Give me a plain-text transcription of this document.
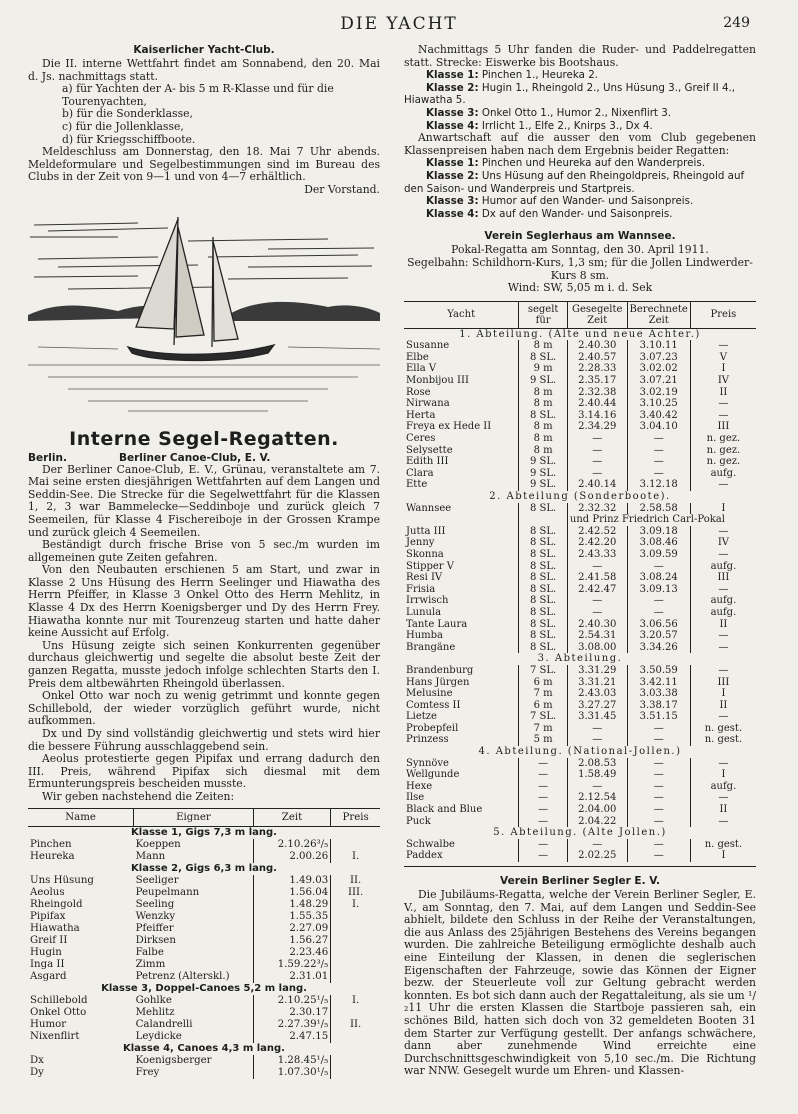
DIE YACHT	249
Kaiserlicher Yacht-Club.

Die II. interne Wettfahrt findet am Sonnabend, den 20. Mai d. Js. nachmittags statt.

a) für Yachten der A- bis 5 m R-Klasse und für die Tourenyachten,

b) für die Sonderklasse,

c) für die Jollenklasse,

d) für Kriegsschiffboote.

Meldeschluss am Donnerstag, den 18. Mai 7 Uhr abends. Meldeformulare und Segelbestimmungen sind im Bureau des Clubs in der Zeit von 9—1 und von 4—7 erhältlich.

Der Vorstand.

Interne Segel-Regatten.
Berlin.	Berliner Canoe-Club, E. V.

Der Berliner Canoe-Club, E. V., Grünau, veranstaltete am 7. Mai seine ersten diesjährigen Wettfahrten auf dem Langen und Seddin-See. Die Strecke für die Segelwettfahrt für die Klassen 1, 2, 3 war Bammelecke—Seddinboje und zurück gleich 7 Seemeilen, für Klasse 4 Fischereiboje in der Grossen Krampe und zurück gleich 4 Seemeilen.

Beständigt durch frische Brise von 5 sec./m wurden im allgemeinen gute Zeiten gefahren.

Von den Neubauten erschienen 5 am Start, und zwar in Klasse 2 Uns Hüsung des Herrn Seelinger und Hiawatha des Herrn Pfeiffer, in Klasse 3 Onkel Otto des Herrn Mehlitz, in Klasse 4 Dx des Herrn Koenigsberger und Dy des Herrn Frey. Hiawatha konnte nur mit Tourenzeug starten und hatte daher keine Aussicht auf Erfolg.

Uns Hüsung zeigte sich seinen Konkurrenten gegenüber durchaus gleichwertig und segelte die absolut beste Zeit der ganzen Regatta, musste jedoch infolge schlechten Starts den I. Preis dem altbewährten Rheingold überlassen.

Onkel Otto war noch zu wenig getrimmt und konnte gegen Schillebold, der wieder vorzüglich geführt wurde, nicht aufkommen.

Dx und Dy sind vollständig gleichwertig und stets wird hier die bessere Führung ausschlaggebend sein.

Aeolus protestierte gegen Pipifax und errang dadurch den III. Preis, während Pipifax sich diesmal mit dem Ermunterungspreis bescheiden musste.

Wir geben nachstehend die Zeiten:

Name	Eigner	Zeit	Preis
Klasse 1, Gigs 7,3 m lang.			
Pinchen	Koeppen	2.10.26³/₅	
Heureka	Mann	2.00.26	I.
Klasse 2, Gigs 6,3 m lang.			
Uns Hüsung	Seeliger	1.49.03	II.
Aeolus	Peupelmann	1.56.04	III.
Rheingold	Seeling	1.48.29	I.
Pipifax	Wenzky	1.55.35	
Hiawatha	Pfeiffer	2.27.09	
Greif II	Dirksen	1.56.27	
Hugin	Falbe	2.23.46	
Inga II	Zimm	1.59.22³/₅	
Asgard	Petrenz (Alterskl.)	2.31.01	
Klasse 3, Doppel-Canoes 5,2 m lang.			
Schillebold	Gohlke	2.10.25¹/₅	I.
Onkel Otto	Mehlitz	2.30.17	
Humor	Calandrelli	2.27.39¹/₅	II.
Nixenflirt	Leydicke	2.47.15	
Klasse 4, Canoes 4,3 m lang.			
Dx	Koenigsberger	1.28.45¹/₅	
Dy	Frey	1.07.30¹/₅	

Nachmittags 5 Uhr fanden die Ruder- und Paddelregatten statt. Strecke: Eiswerke bis Bootshaus.

Klasse 1: Pinchen 1., Heureka 2.

Klasse 2: Hugin 1., Rheingold 2., Uns Hüsung 3., Greif II 4., Hiawatha 5.

Klasse 3: Onkel Otto 1., Humor 2., Nixenflirt 3.

Klasse 4: Irrlicht 1., Elfe 2., Knirps 3., Dx 4.

Anwartschaft auf die ausser den vom Club gegebenen Klassenpreisen haben nach dem Ergebnis beider Regatten:

Klasse 1: Pinchen und Heureka auf den Wanderpreis.

Klasse 2: Uns Hüsung auf den Rheingoldpreis, Rheingold auf den Saison- und Wanderpreis und Startpreis.

Klasse 3: Humor auf den Wander- und Saisonpreis.

Klasse 4: Dx auf den Wander- und Saisonpreis.

Verein Seglerhaus am Wannsee.

Pokal-Regatta am Sonntag, den 30. April 1911.

Segelbahn: Schildhorn-Kurs, 1,3 sm; für die Jollen Lindwerder-Kurs 8 sm.

Wind: SW, 5,05 m i. d. Sek

Yacht	segelt für	Gesegelte Zeit	Berechnete Zeit	Preis
1. Abteilung. (Alte und neue Achter.)				
Susanne	8 m	2.40.30	3.10.11	—
Elbe	8 SL.	2.40.57	3.07.23	V
Ella V	9 m	2.28.33	3.02.02	I
Monbijou III	9 SL.	2.35.17	3.07.21	IV
Rose	8 m	2.32.38	3.02.19	II
Nirwana	8 m	2.40.44	3.10.25	—
Herta	8 SL.	3.14.16	3.40.42	—
Freya ex Hede II	8 m	2.34.29	3.04.10	III
Ceres	8 m	—	—	n. gez.
Selysette	8 m	—	—	n. gez.
Edith III	9 SL.	—	—	n. gez.
Clara	9 SL.	—	—	aufg.
Ette	9 SL.	2.40.14	3.12.18	—
2. Abteilung (Sonderboote).				
Wannsee	8 SL.	2.32.32	2.58.58	I
		und Prinz Friedrich Carl-Pokal		
Jutta III	8 SL.	2.42.52	3.09.18	—
Jenny	8 SL.	2.42.20	3.08.46	IV
Skonna	8 SL.	2.43.33	3.09.59	—
Stipper V	8 SL.	—	—	aufg.
Resi IV	8 SL.	2.41.58	3.08.24	III
Frisia	8 SL.	2.42.47	3.09.13	—
Irrwisch	8 SL.	—	—	aufg.
Lunula	8 SL.	—	—	aufg.
Tante Laura	8 SL.	2.40.30	3.06.56	II
Humba	8 SL.	2.54.31	3.20.57	—
Brangäne	8 SL.	3.08.00	3.34.26	—
3. Abteilung.				
Brandenburg	7 SL.	3.31.29	3.50.59	—
Hans Jürgen	6 m	3.31.21	3.42.11	III
Melusine	7 m	2.43.03	3.03.38	I
Comtess II	6 m	3.27.27	3.38.17	II
Lietze	7 SL.	3.31.45	3.51.15	—
Probepfeil	7 m	—	—	n. gest.
Prinzess	5 m	—	—	n. gest.
4. Abteilung. (National-Jollen.)				
Synnöve	—	2.08.53	—	—
Wellgunde	—	1.58.49	—	I
Hexe	—	—	—	aufg.
Ilse	—	2.12.54	—	—
Black and Blue	—	2.04.00	—	II
Puck	—	2.04.22	—	—
5. Abteilung. (Alte Jollen.)				
Schwalbe	—	—	—	n. gest.
Paddex	—	2.02.25	—	I
Verein Berliner Segler E. V.

Die Jubiläums-Regatta, welche der Verein Berliner Segler, E. V., am Sonntag, den 7. Mai, auf dem Langen und Seddin-See abhielt, bildete den Schluss in der Reihe der Veranstaltungen, die aus Anlass des 25jährigen Bestehens des Vereins begangen wurden. Die zahlreiche Beteiligung ermöglichte deshalb auch eine Einteilung der Klassen, in denen die seglerischen Eigenschaften der Fahrzeuge, sowie das Können der Eigner bezw. der Steuerleute voll zur Geltung gebracht werden konnten. Es bot sich dann auch der Regattaleitung, als sie um ¹/₂11 Uhr die ersten Klassen die Startboje passieren sah, ein schönes Bild, hatten sich doch von 32 gemeldeten Booten 31 dem Starter zur Verfügung gestellt. Der anfangs schwächere, dann aber zunehmende Wind erreichte eine Durchschnittsgeschwindigkeit von 5,10 sec./m. Die Richtung war NNW. Gesegelt wurde um Ehren- und Klassen-
